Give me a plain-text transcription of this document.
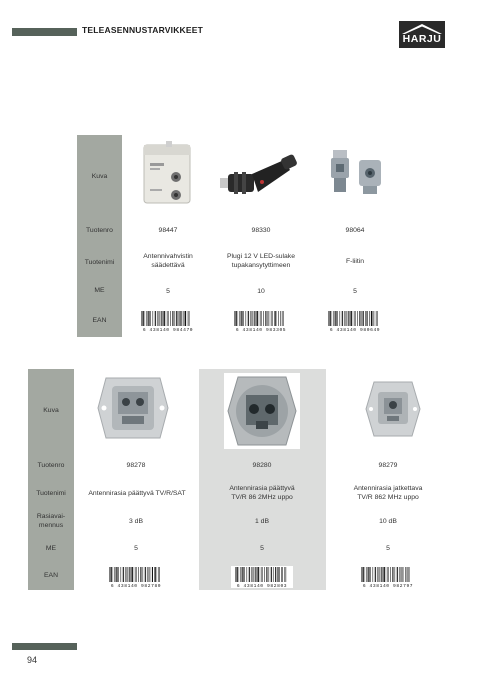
TELEASENNUSTARVIKKEET
HARJU
Kuva
Tuotenro
Tuotenimi
ME
EAN
98447
Antennivahvistin
säädettävä
5
6 438140 984470
98330
Plugi 12 V LED-sulake
tupakansytyttimeen
10
6 438140 983305
98064
F-liitin
5
6 438140 980649
Kuva
Tuotenro
Tuotenimi
Rasiavai-
mennus
ME
EAN
98278
Antennirasia päättyvä TV/R/SAT
3 dB
5
6 438140 982780
98280
Antennirasia päättyvä
TV/R 86 2MHz uppo
1 dB
5
6 438140 982803
98279
Antennirasia jatkettava
TV/R 862 MHz uppo
10 dB
5
6 438140 982797
94
